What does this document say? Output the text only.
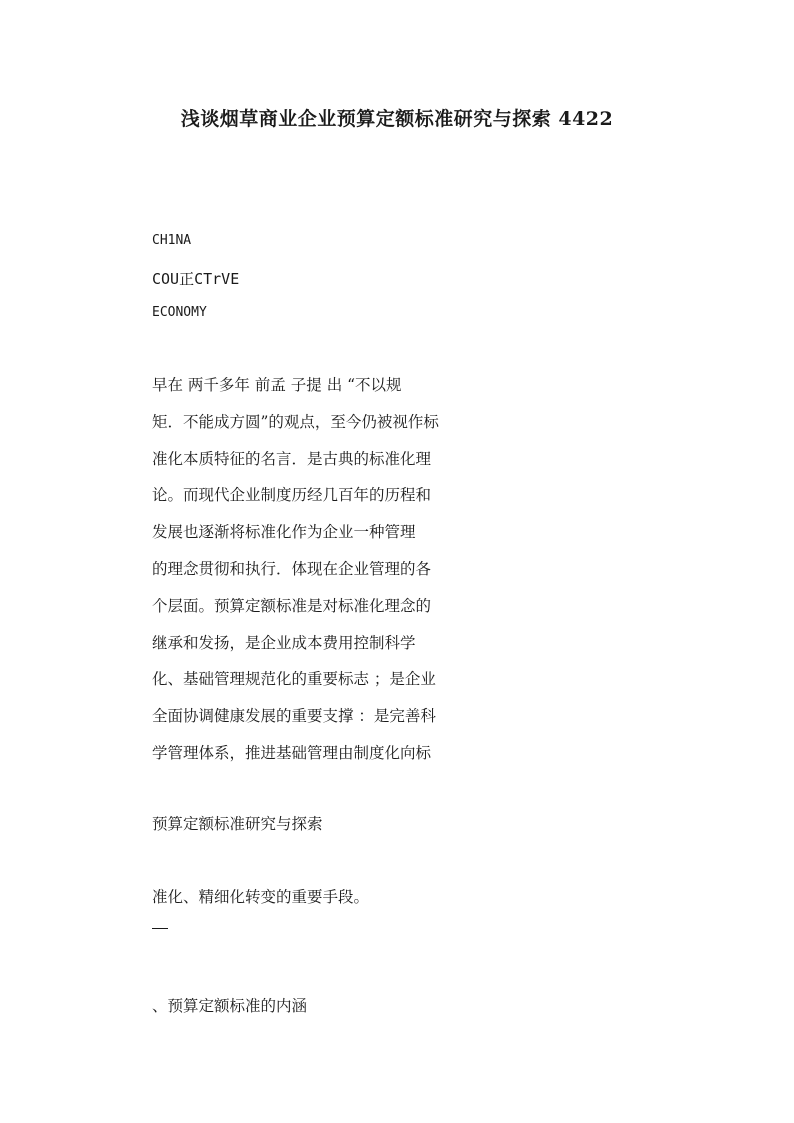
浅谈烟草商业企业预算定额标准研究与探索 4422
CH1NA
COU正CTrVE
ECONOMY
早在 两千多年 前孟 子提 出 “不以规
矩．不能成方圆”的观点，至今仍被视作标
准化本质特征的名言．是古典的标准化理
论。而现代企业制度历经几百年的历程和
发展也逐渐将标准化作为企业一种管理
的理念贯彻和执行．体现在企业管理的各
个层面。预算定额标准是对标准化理念的
继承和发扬，是企业成本费用控制科学
化、基础管理规范化的重要标志 ；是企业
全面协调健康发展的重要支撑 ：是完善科
学管理体系，推进基础管理由制度化向标
预算定额标准研究与探索
准化、精细化转变的重要手段。
、预算定额标准的内涵
